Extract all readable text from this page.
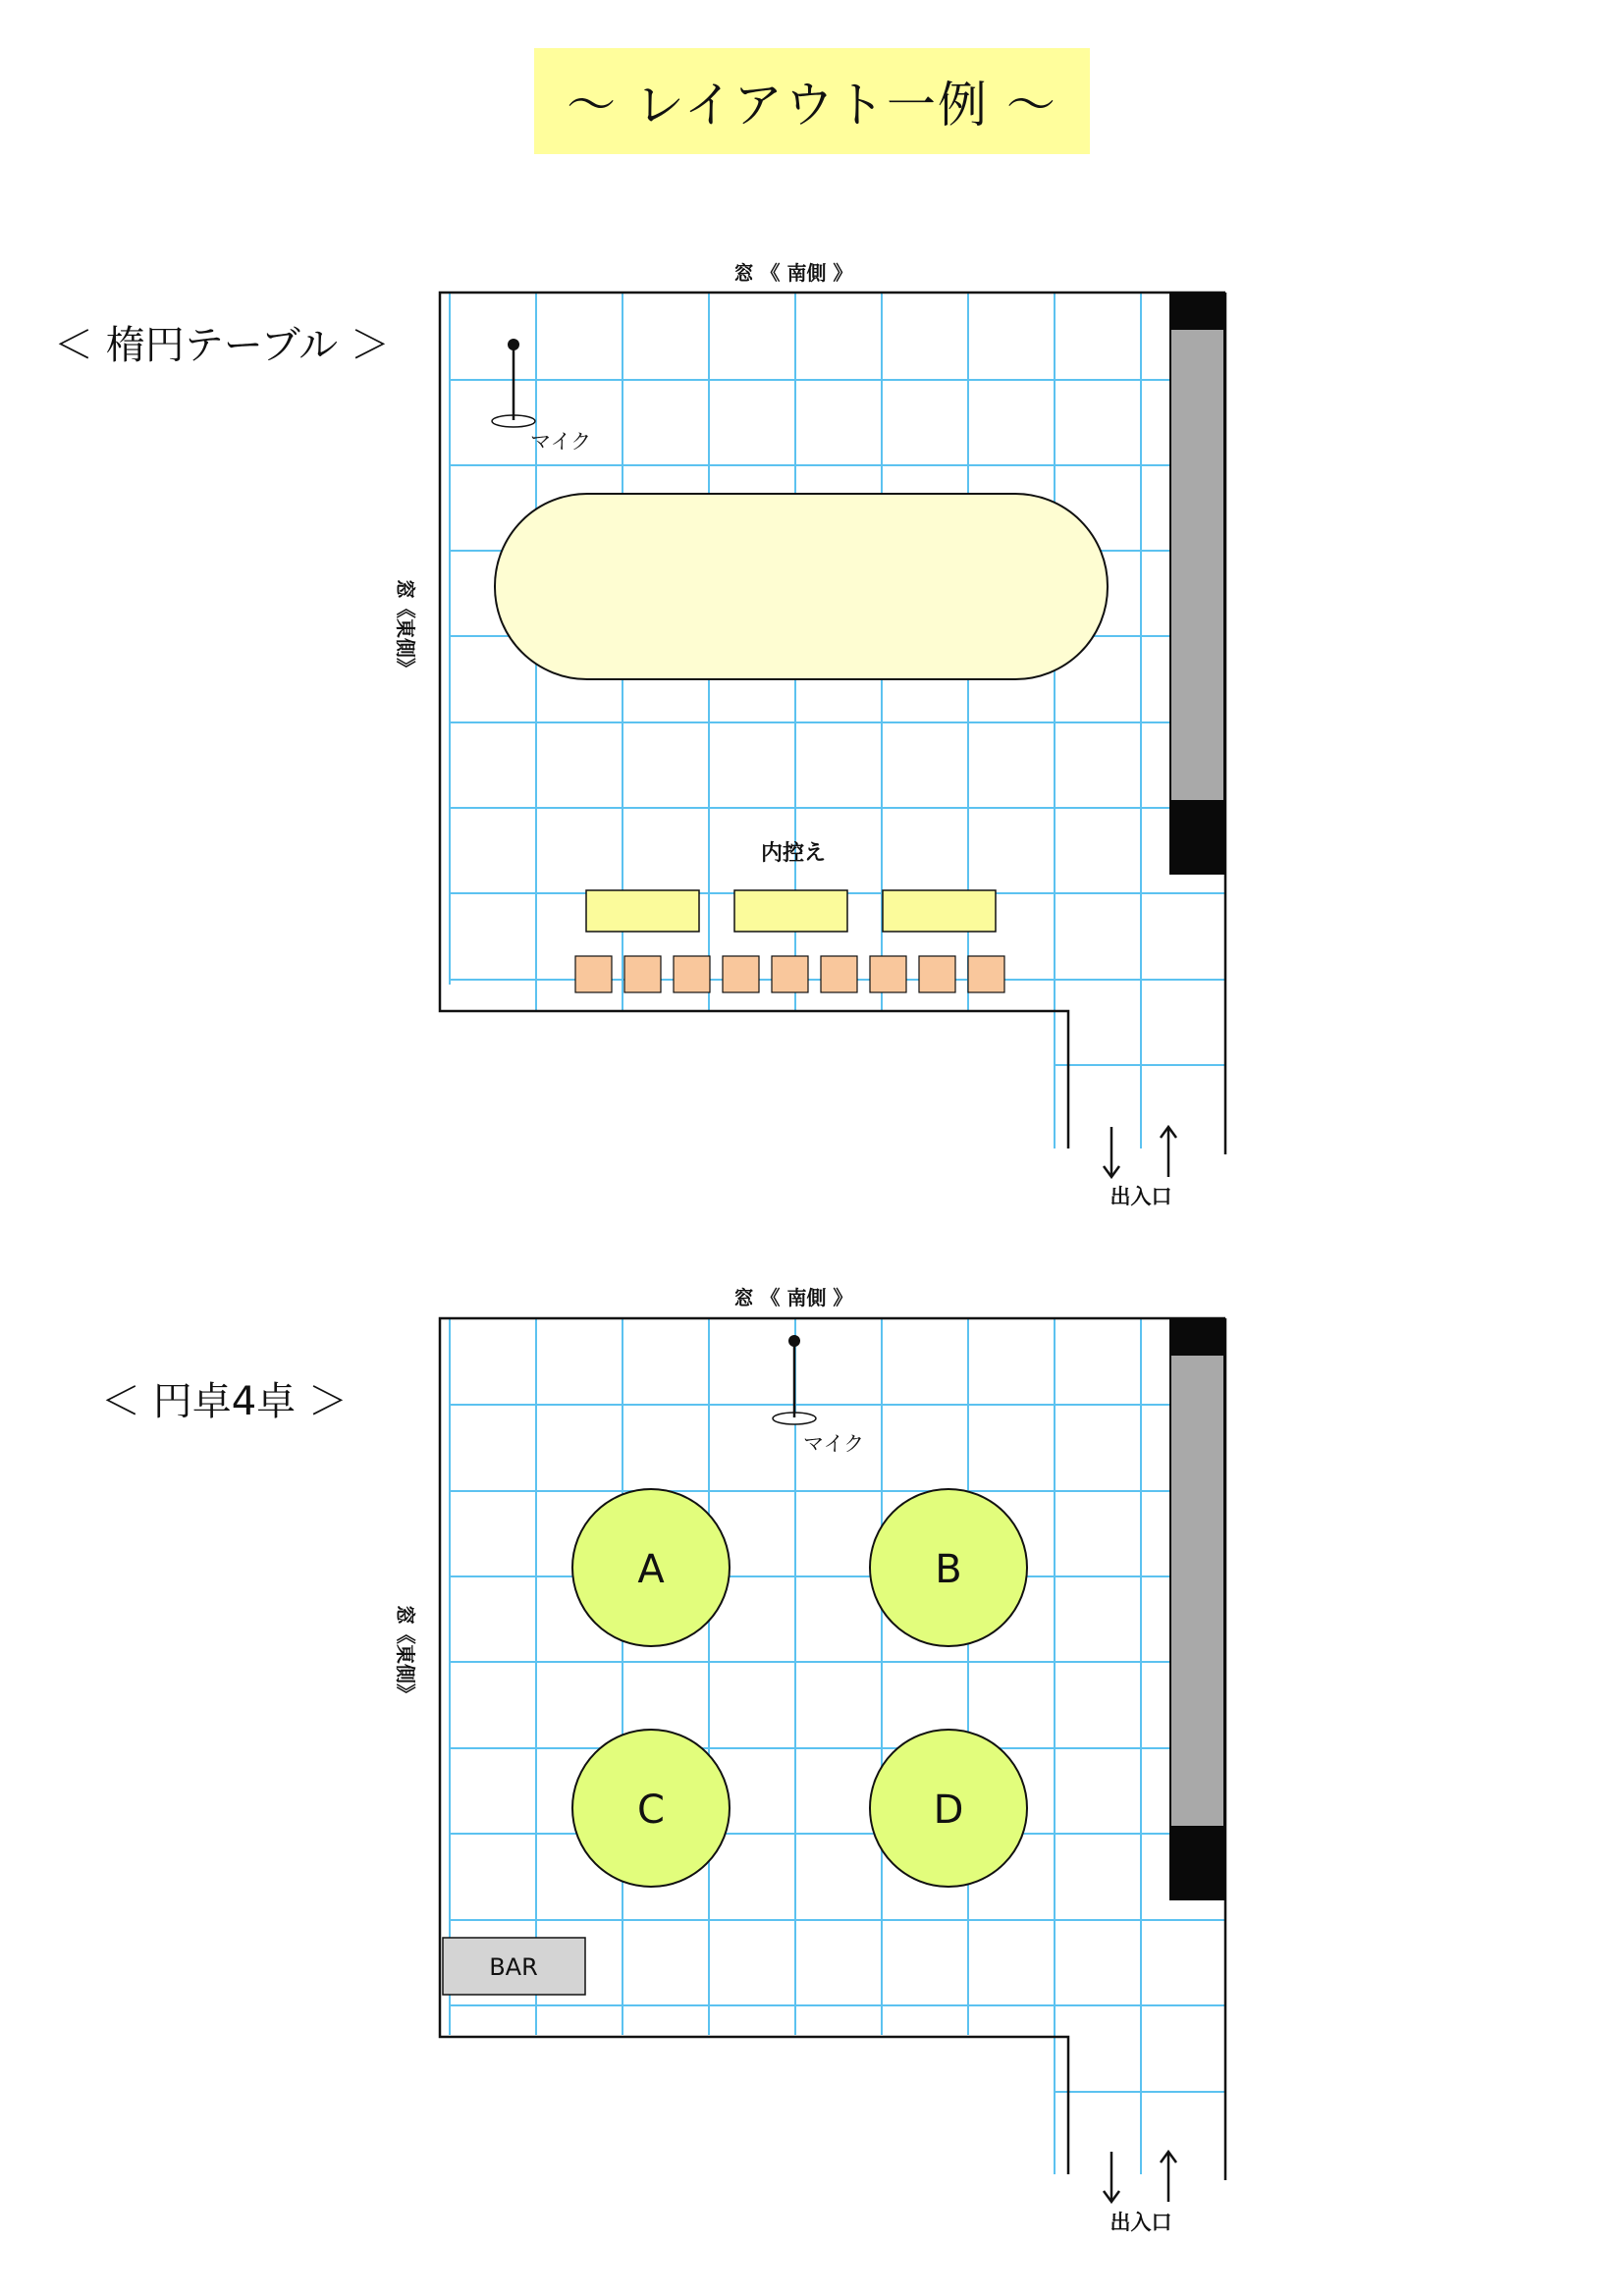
～ レイアウト一例 ～
＜ 楕円テーブル ＞
＜ 円卓4卓 ＞
マイク
窓 《 南側 》
窓《東側》
内控え
出入口
マイク
窓 《 南側 》
窓《東側》
A	B
C	D
BAR
出入口
